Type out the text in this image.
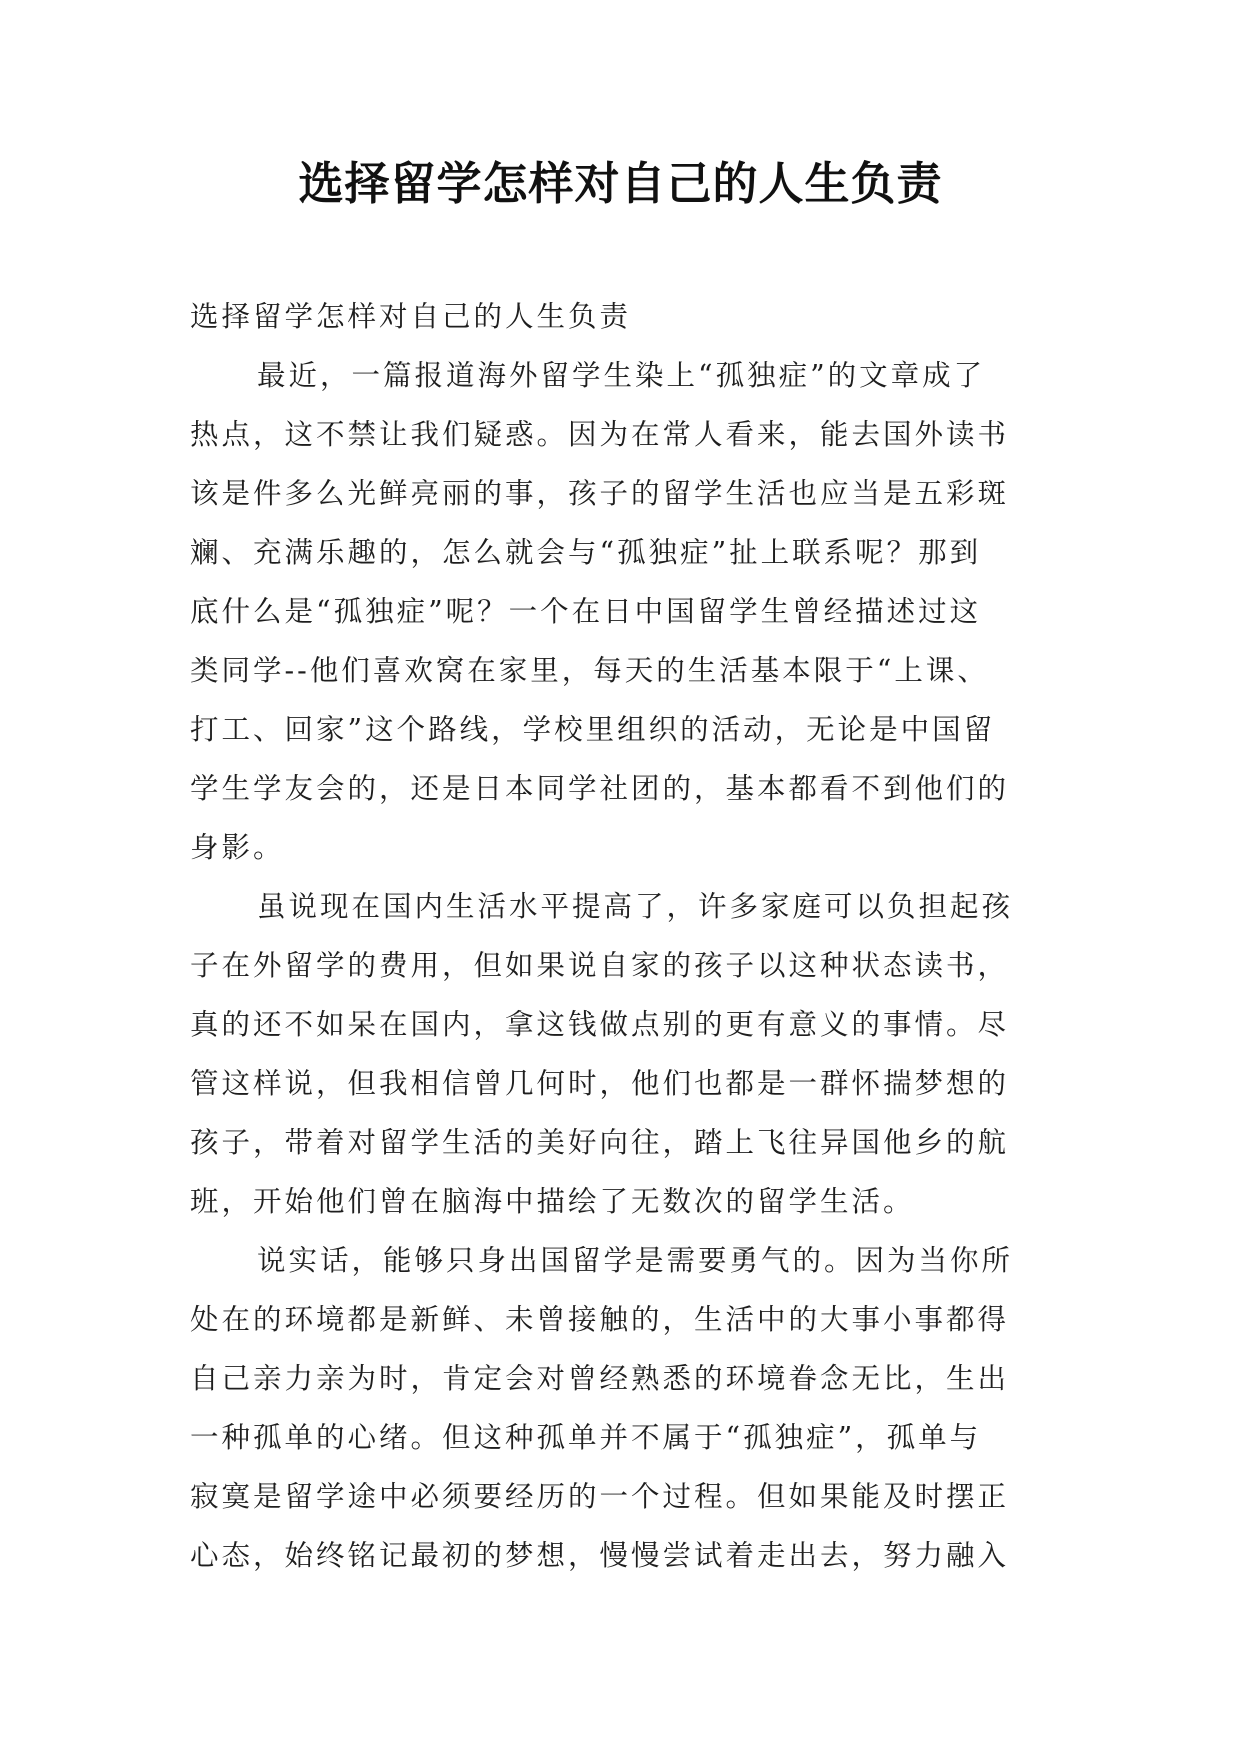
选择留学怎样对自己的人生负责
选择留学怎样对自己的人生负责
最近，一篇报道海外留学生染上“孤独症”的文章成了
热点，这不禁让我们疑惑。因为在常人看来，能去国外读书
该是件多么光鲜亮丽的事，孩子的留学生活也应当是五彩斑
斓、充满乐趣的，怎么就会与“孤独症”扯上联系呢？那到
底什么是“孤独症”呢？一个在日中国留学生曾经描述过这
类同学--他们喜欢窝在家里，每天的生活基本限于“上课、
打工、回家”这个路线，学校里组织的活动，无论是中国留
学生学友会的，还是日本同学社团的，基本都看不到他们的
身影。
虽说现在国内生活水平提高了，许多家庭可以负担起孩
子在外留学的费用，但如果说自家的孩子以这种状态读书，
真的还不如呆在国内，拿这钱做点别的更有意义的事情。尽
管这样说，但我相信曾几何时，他们也都是一群怀揣梦想的
孩子，带着对留学生活的美好向往，踏上飞往异国他乡的航
班，开始他们曾在脑海中描绘了无数次的留学生活。
说实话，能够只身出国留学是需要勇气的。因为当你所
处在的环境都是新鲜、未曾接触的，生活中的大事小事都得
自己亲力亲为时，肯定会对曾经熟悉的环境眷念无比，生出
一种孤单的心绪。但这种孤单并不属于“孤独症”，孤单与
寂寞是留学途中必须要经历的一个过程。但如果能及时摆正
心态，始终铭记最初的梦想，慢慢尝试着走出去，努力融入
